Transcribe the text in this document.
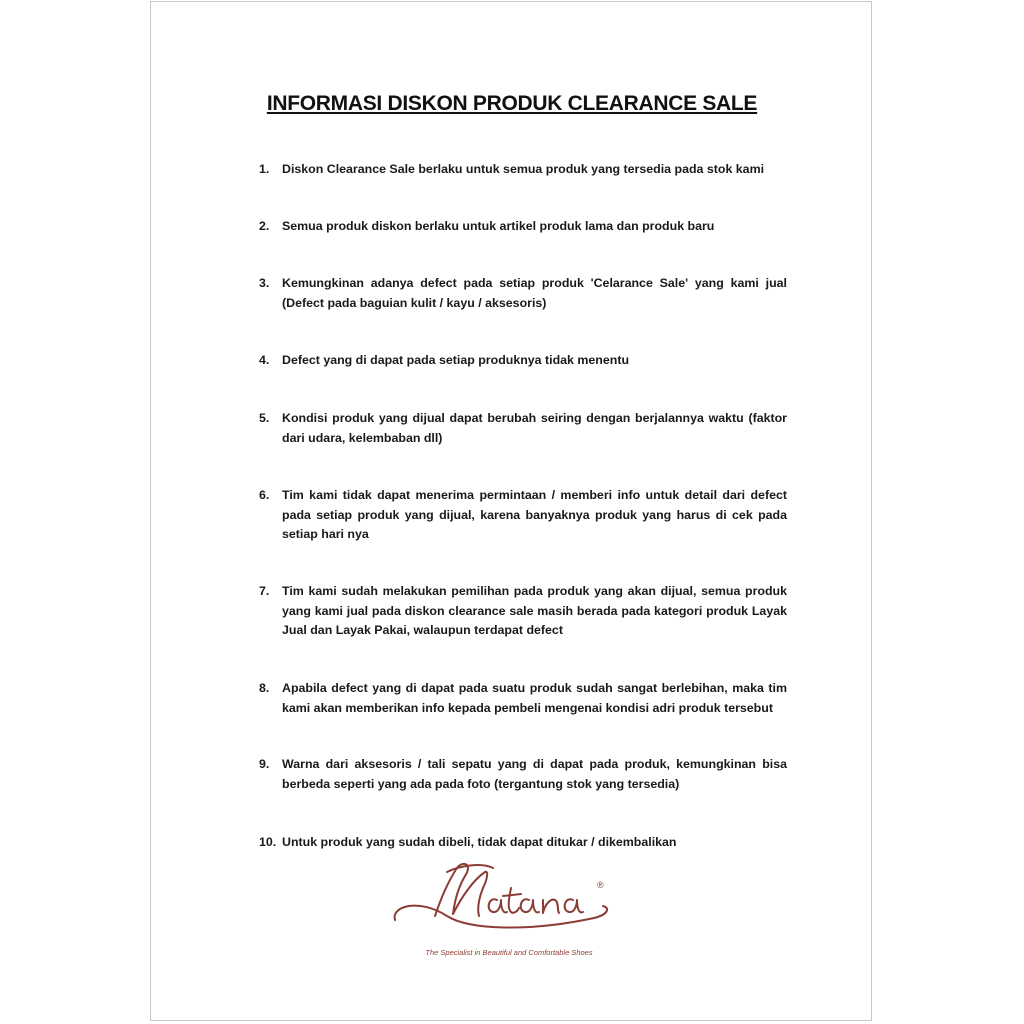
INFORMASI DISKON PRODUK CLEARANCE SALE
1. Diskon Clearance Sale berlaku untuk semua produk yang tersedia pada stok kami
2. Semua produk diskon berlaku untuk artikel produk lama dan produk baru
3. Kemungkinan adanya defect pada setiap produk 'Celarance Sale' yang kami jual (Defect pada baguian kulit / kayu / aksesoris)
4. Defect yang di dapat pada setiap produknya tidak menentu
5. Kondisi produk yang dijual dapat berubah seiring dengan berjalannya waktu (faktor dari udara, kelembaban dll)
6. Tim kami tidak dapat menerima permintaan / memberi info untuk detail dari defect pada setiap produk yang dijual, karena banyaknya produk yang harus di cek pada setiap hari nya
7. Tim kami sudah melakukan pemilihan pada produk yang akan dijual, semua produk yang kami jual pada diskon clearance sale masih berada pada kategori produk Layak Jual dan Layak Pakai, walaupun terdapat defect
8. Apabila defect yang di dapat pada suatu produk sudah sangat berlebihan, maka tim kami akan memberikan info kepada pembeli mengenai kondisi adri produk tersebut
9. Warna dari aksesoris / tali sepatu yang di dapat pada produk, kemungkinan bisa berbeda seperti yang ada pada foto (tergantung stok yang tersedia)
10. Untuk produk yang sudah dibeli, tidak dapat ditukar / dikembalikan
®
The Specialist in Beautiful and Comfortable Shoes
